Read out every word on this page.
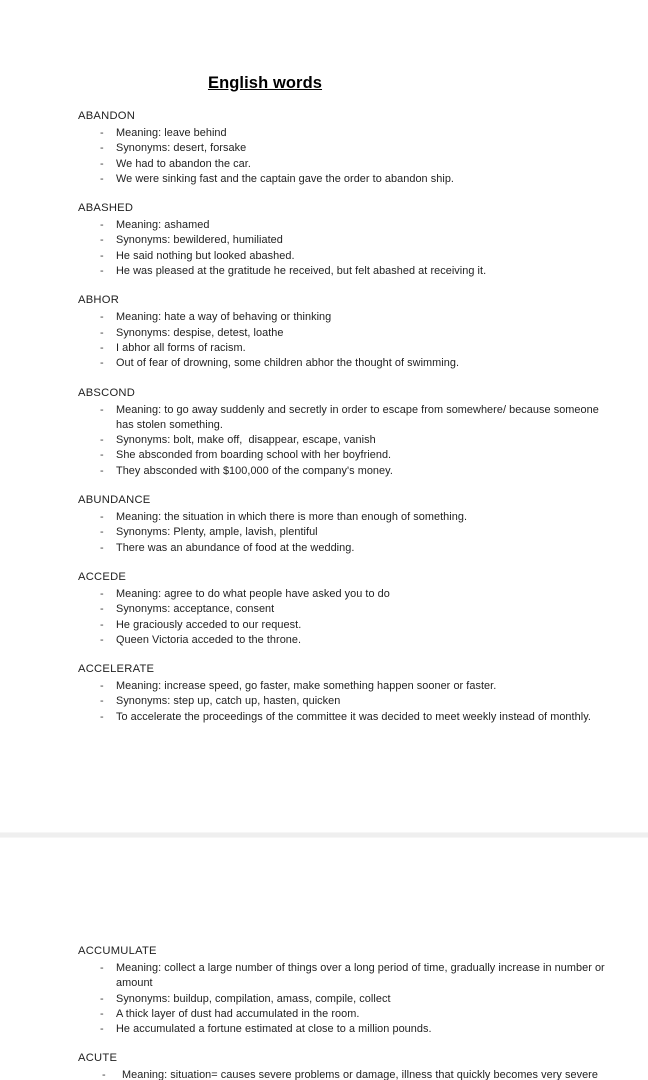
English words
ABANDON
- Meaning: leave behind
- Synonyms: desert, forsake
- We had to abandon the car.
- We were sinking fast and the captain gave the order to abandon ship.
ABASHED
- Meaning: ashamed
- Synonyms: bewildered, humiliated
- He said nothing but looked abashed.
- He was pleased at the gratitude he received, but felt abashed at receiving it.
ABHOR
- Meaning: hate a way of behaving or thinking
- Synonyms: despise, detest, loathe
- I abhor all forms of racism.
- Out of fear of drowning, some children abhor the thought of swimming.
ABSCOND
- Meaning: to go away suddenly and secretly in order to escape from somewhere/ because someone has stolen something.
- Synonyms: bolt, make off,  disappear, escape, vanish
- She absconded from boarding school with her boyfriend.
- They absconded with $100,000 of the company's money.
ABUNDANCE
- Meaning: the situation in which there is more than enough of something.
- Synonyms: Plenty, ample, lavish, plentiful
- There was an abundance of food at the wedding.
ACCEDE
- Meaning: agree to do what people have asked you to do
- Synonyms: acceptance, consent
- He graciously acceded to our request.
- Queen Victoria acceded to the throne.
ACCELERATE
- Meaning: increase speed, go faster, make something happen sooner or faster.
- Synonyms: step up, catch up, hasten, quicken
- To accelerate the proceedings of the committee it was decided to meet weekly instead of monthly.
ACCUMULATE
- Meaning: collect a large number of things over a long period of time, gradually increase in number or amount
- Synonyms: buildup, compilation, amass, compile, collect
- A thick layer of dust had accumulated in the room.
- He accumulated a fortune estimated at close to a million pounds.
ACUTE
- Meaning: situation= causes severe problems or damage, illness that quickly becomes very severe
